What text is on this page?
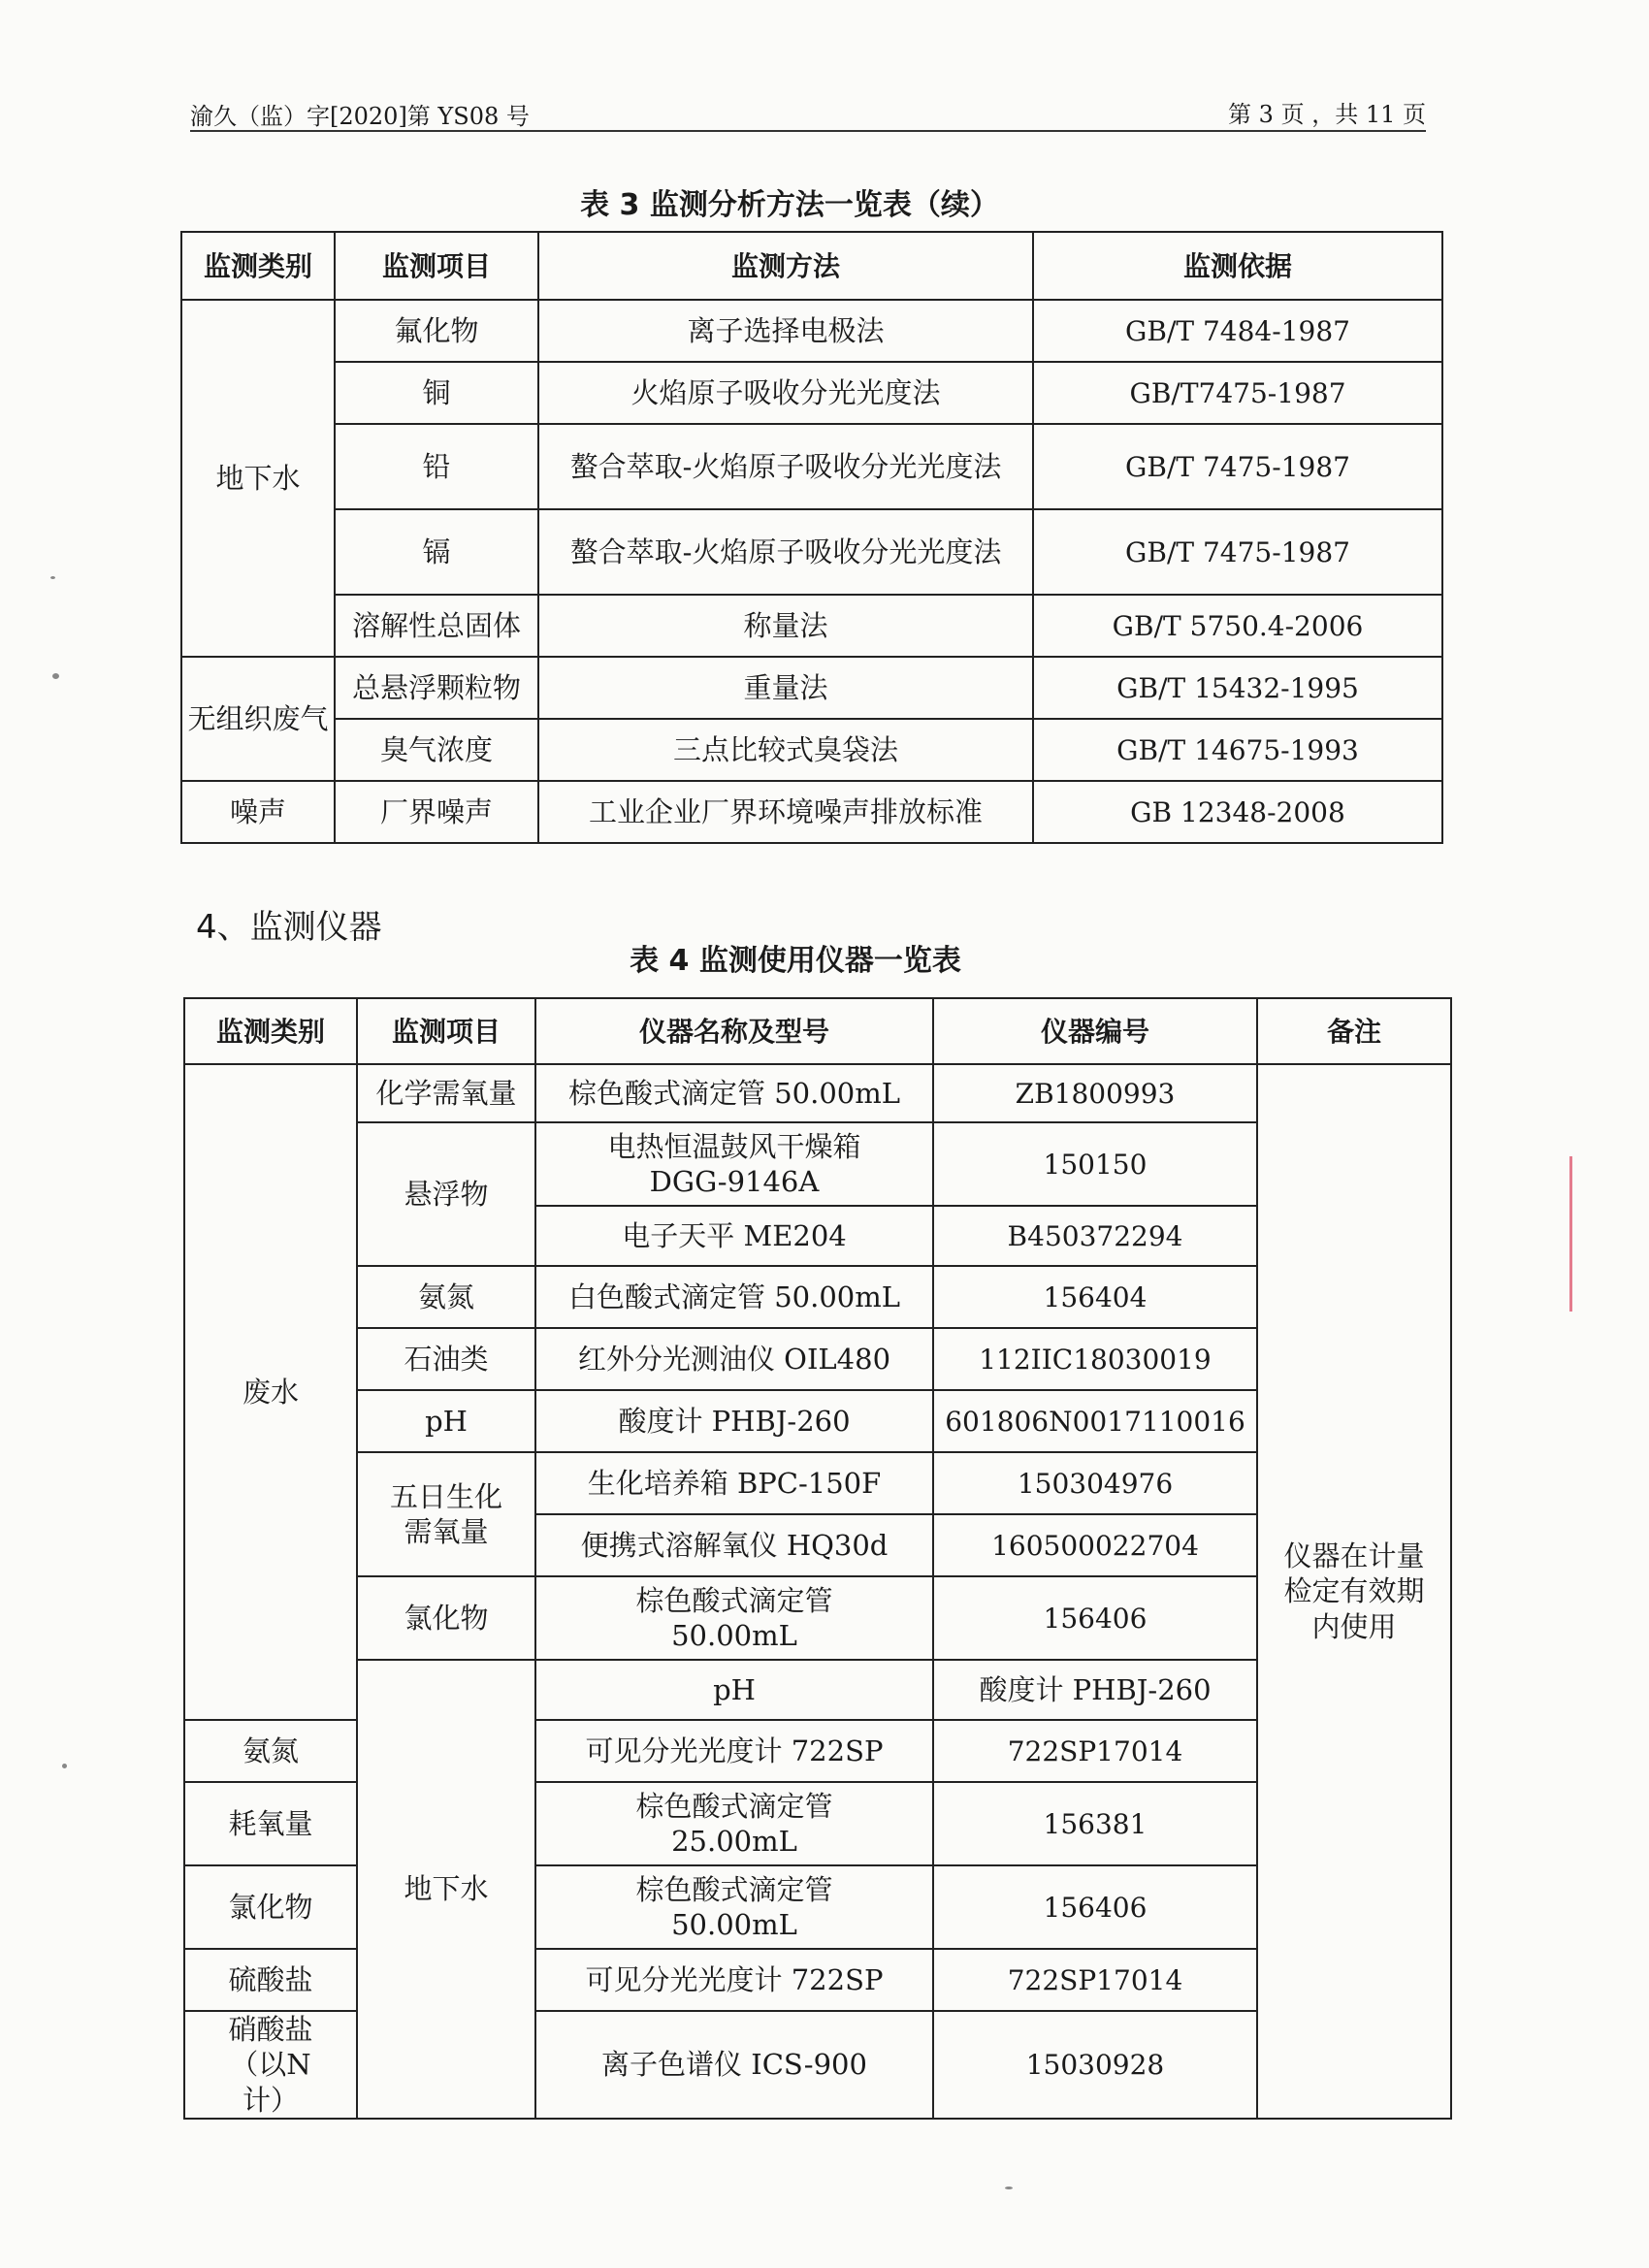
渝久（监）字[2020]第 YS08 号	第 3 页 ，共 11 页
表 3 监测分析方法一览表（续）
监测类别	监测项目	监测方法	监测依据
地下水	氟化物	离子选择电极法	GB/T 7484-1987
	铜	火焰原子吸收分光光度法	GB/T7475-1987
	铅	螯合萃取-火焰原子吸收分光光度法	GB/T 7475-1987
	镉	螯合萃取-火焰原子吸收分光光度法	GB/T 7475-1987
	溶解性总固体	称量法	GB/T 5750.4-2006
无组织废气	总悬浮颗粒物	重量法	GB/T 15432-1995
	臭气浓度	三点比较式臭袋法	GB/T 14675-1993
噪声	厂界噪声	工业企业厂界环境噪声排放标准	GB 12348-2008
4、监测仪器
表 4 监测使用仪器一览表
监测类别	监测项目	仪器名称及型号	仪器编号	备注	
废水	化学需氧量	棕色酸式滴定管 50.00mL	ZB1800993	仪器在计量检定有效期内使用	
	悬浮物	电热恒温鼓风干燥箱 DGG-9146A	150150		
		电子天平 ME204	B450372294		
	氨氮	白色酸式滴定管 50.00mL	156404		
	石油类	红外分光测油仪 OIL480	112IIC18030019		
	pH	酸度计 PHBJ-260	601806N0017110016		
	五日生化需氧量	生化培养箱 BPC-150F	150304976		
		便携式溶解氧仪 HQ30d	160500022704		
	氯化物	棕色酸式滴定管 50.00mL	156406		
	地下水	pH	酸度计 PHBJ-260	
氨氮		可见分光光度计 722SP	722SP17014		
耗氧量		棕色酸式滴定管 25.00mL	156381		
氯化物		棕色酸式滴定管 50.00mL	156406		
硫酸盐		可见分光光度计 722SP	722SP17014		
硝酸盐（以N计）		离子色谱仪 ICS-900	15030928		
